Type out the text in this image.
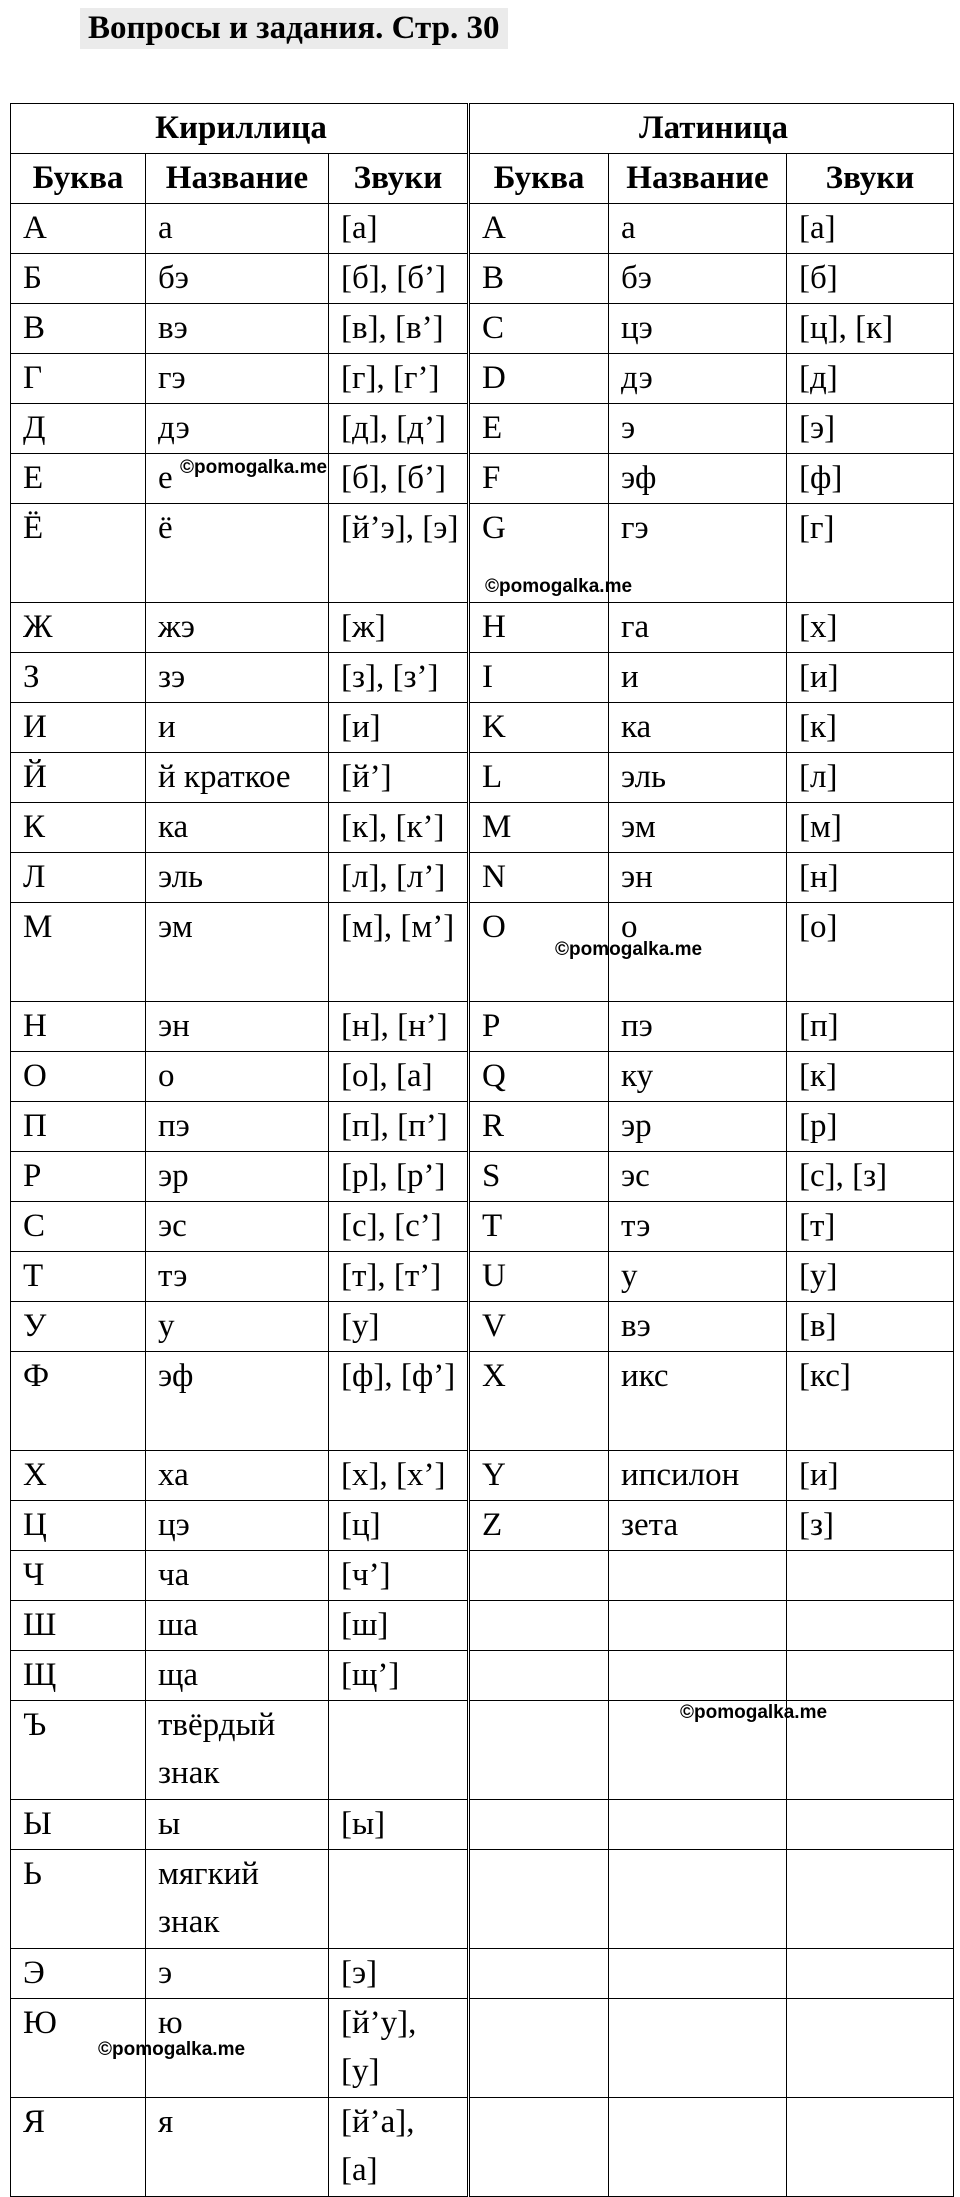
Вопросы и задания. Стр. 30
Кириллица			Латиница		
Буква	Название	Звуки	Буква	Название	Звуки
А	а	[а]	A	а	[а]
Б	бэ	[б], [б’]	B	бэ	[б]
В	вэ	[в], [в’]	C	цэ	[ц], [к]
Г	гэ	[г], [г’]	D	дэ	[д]
Д	дэ	[д], [д’]	E	э	[э]
Е	е	[б], [б’]	F	эф	[ф]
Ё	ё	[й’э], [э]	G	гэ	[г]
Ж	жэ	[ж]	H	га	[х]
З	зэ	[з], [з’]	I	и	[и]
И	и	[и]	K	ка	[к]
Й	й краткое	[й’]	L	эль	[л]
К	ка	[к], [к’]	M	эм	[м]
Л	эль	[л], [л’]	N	эн	[н]
М	эм	[м], [м’]	O	о	[о]
Н	эн	[н], [н’]	P	пэ	[п]
О	о	[о], [а]	Q	ку	[к]
П	пэ	[п], [п’]	R	эр	[р]
Р	эр	[р], [р’]	S	эс	[с], [з]
С	эс	[с], [с’]	T	тэ	[т]
Т	тэ	[т], [т’]	U	у	[у]
У	у	[у]	V	вэ	[в]
Ф	эф	[ф], [ф’]	X	икс	[кс]
Х	ха	[х], [х’]	Y	ипсилон	[и]
Ц	цэ	[ц]	Z	зета	[з]
Ч	ча	[ч’]			
Ш	ша	[ш]			
Щ	ща	[щ’]			
Ъ	твёрдый знак				
Ы	ы	[ы]			
Ь	мягкий знак				
Э	э	[э]			
Ю	ю	[й’у], [у]			
Я	я	[й’а], [а]			
©pomogalka.me
©pomogalka.me
©pomogalka.me
©pomogalka.me
©pomogalka.me
